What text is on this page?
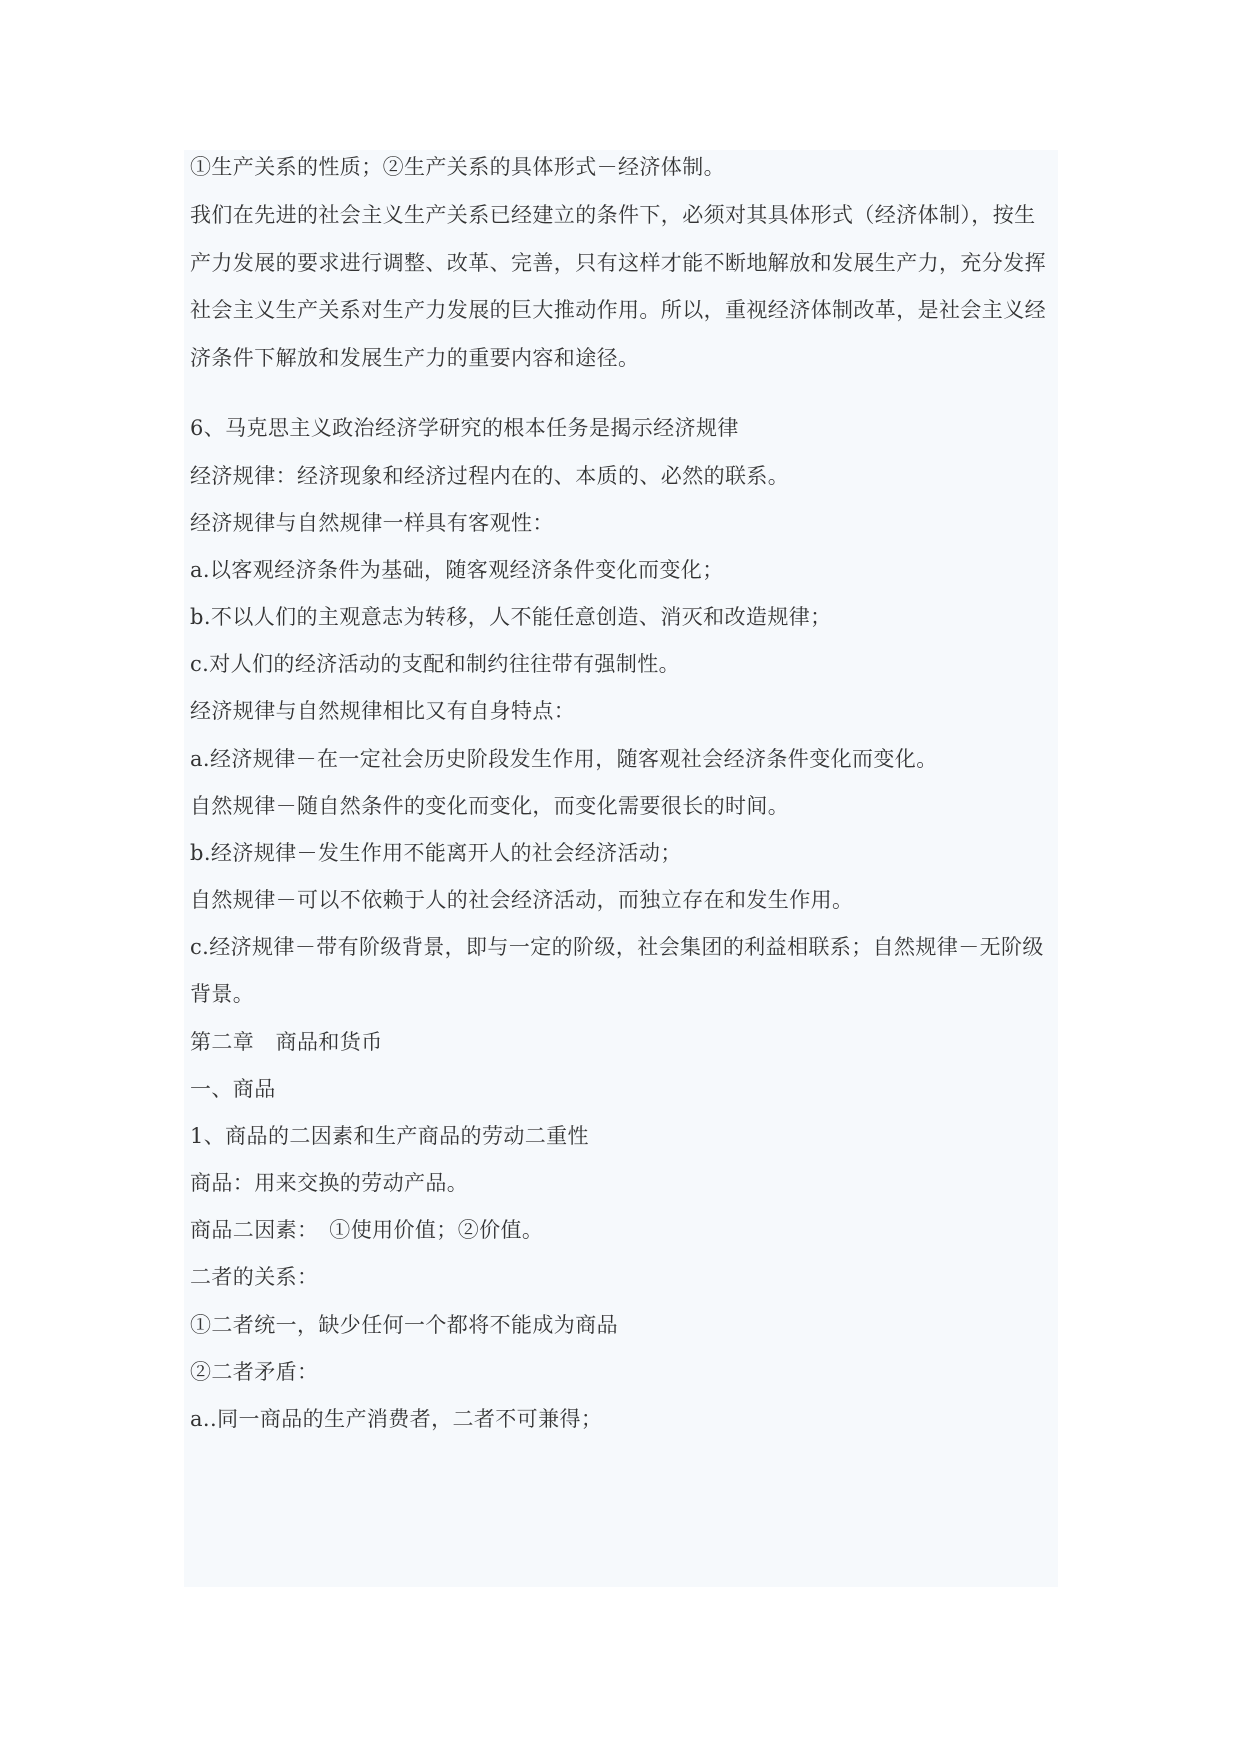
①生产关系的性质；②生产关系的具体形式－经济体制。
我们在先进的社会主义生产关系已经建立的条件下，必须对其具体形式（经济体制），按生
产力发展的要求进行调整、改革、完善，只有这样才能不断地解放和发展生产力，充分发挥
社会主义生产关系对生产力发展的巨大推动作用。所以，重视经济体制改革，是社会主义经
济条件下解放和发展生产力的重要内容和途径。
6、马克思主义政治经济学研究的根本任务是揭示经济规律
经济规律：经济现象和经济过程内在的、本质的、必然的联系。
经济规律与自然规律一样具有客观性：
a.以客观经济条件为基础，随客观经济条件变化而变化；
b.不以人们的主观意志为转移，人不能任意创造、消灭和改造规律；
c.对人们的经济活动的支配和制约往往带有强制性。
经济规律与自然规律相比又有自身特点：
a.经济规律－在一定社会历史阶段发生作用，随客观社会经济条件变化而变化。
自然规律－随自然条件的变化而变化，而变化需要很长的时间。
b.经济规律－发生作用不能离开人的社会经济活动；
自然规律－可以不依赖于人的社会经济活动，而独立存在和发生作用。
c.经济规律－带有阶级背景，即与一定的阶级，社会集团的利益相联系；自然规律－无阶级
背景。
第二章　商品和货币
一、商品
1、商品的二因素和生产商品的劳动二重性
商品：用来交换的劳动产品。
商品二因素：　①使用价值；②价值。
二者的关系：
①二者统一，缺少任何一个都将不能成为商品
②二者矛盾：
a..同一商品的生产消费者，二者不可兼得；
